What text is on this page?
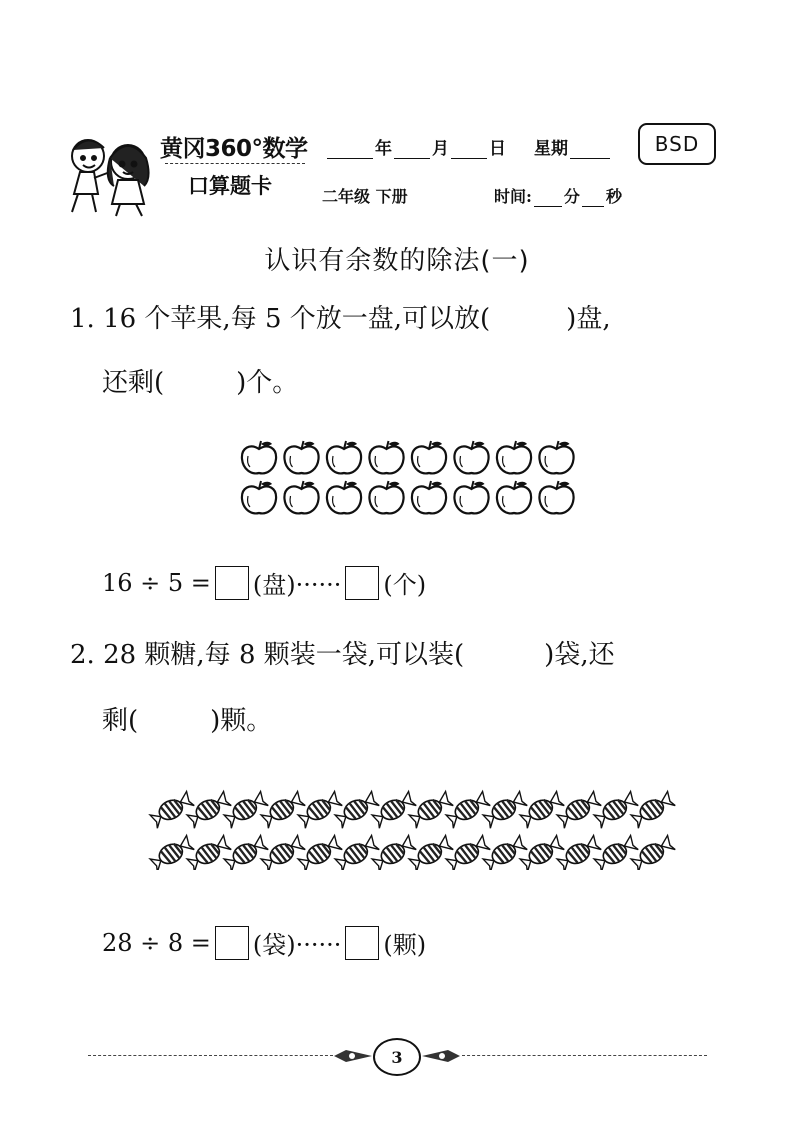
黄冈360°数学
口算题卡
年 月 日 星期	BSD
二年级 下册	时间: 分 秒
认识有余数的除法(一)
1. 16 个苹果,每 5 个放一盘,可以放(	)盘,
还剩(	)个。
16 ÷ 5 = (盘)······ (个)
2. 28 颗糖,每 8 颗装一袋,可以装(	)袋,还
剩(	)颗。
28 ÷ 8 = (袋)······ (颗)
3
